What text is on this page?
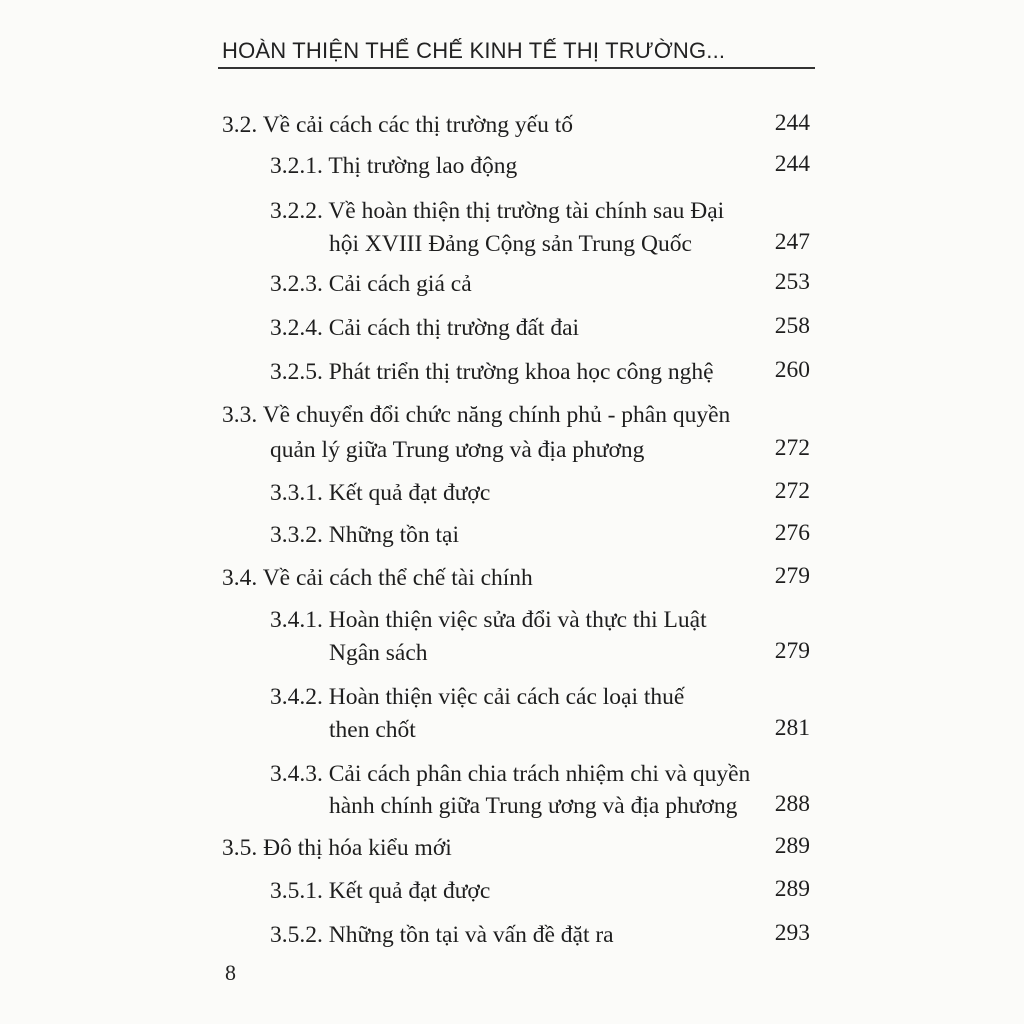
HOÀN THIỆN THỂ CHẾ KINH TẾ THỊ TRƯỜNG...
3.2. Về cải cách các thị trường yếu tố	244
3.2.1. Thị trường lao động	244
3.2.2. Về hoàn thiện thị trường tài chính sau Đại
hội XVIII Đảng Cộng sản Trung Quốc	247
3.2.3. Cải cách giá cả	253
3.2.4. Cải cách thị trường đất đai	258
3.2.5. Phát triển thị trường khoa học công nghệ	260
3.3. Về chuyển đổi chức năng chính phủ - phân quyền
quản lý giữa Trung ương và địa phương	272
3.3.1. Kết quả đạt được	272
3.3.2. Những tồn tại	276
3.4. Về cải cách thể chế tài chính	279
3.4.1. Hoàn thiện việc sửa đổi và thực thi Luật
Ngân sách	279
3.4.2. Hoàn thiện việc cải cách các loại thuế
then chốt	281
3.4.3. Cải cách phân chia trách nhiệm chi và quyền
hành chính giữa Trung ương và địa phương	288
3.5. Đô thị hóa kiểu mới	289
3.5.1. Kết quả đạt được	289
3.5.2. Những tồn tại và vấn đề đặt ra	293
8
